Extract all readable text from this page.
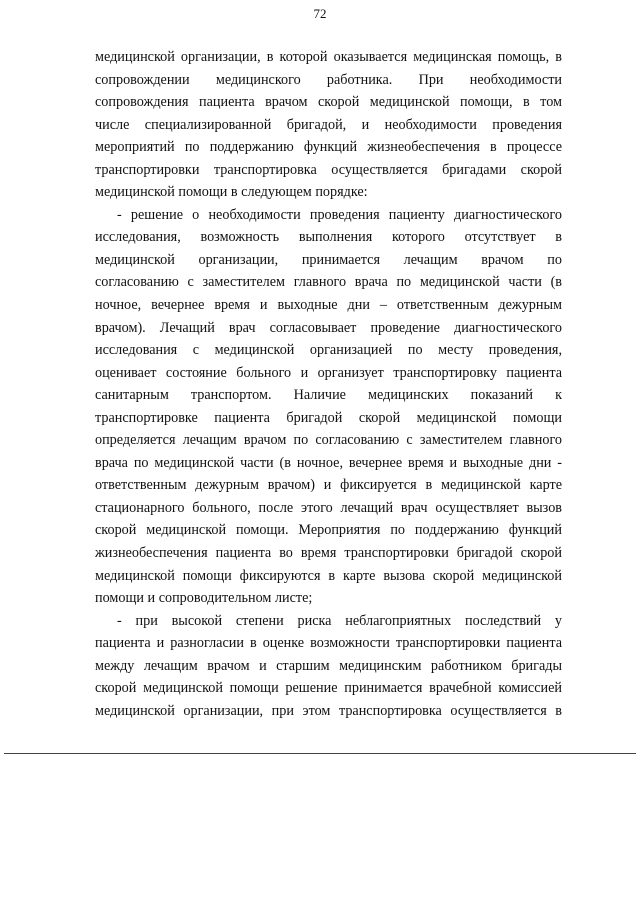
72
медицинской организации, в которой оказывается медицинская помощь, в
сопровождении медицинского работника. При необходимости
сопровождения пациента врачом скорой медицинской помощи, в том
числе специализированной бригадой, и необходимости проведения
мероприятий по поддержанию функций жизнеобеспечения в процессе
транспортировки транспортировка осуществляется бригадами скорой
медицинской помощи в следующем порядке:
- решение о необходимости проведения пациенту диагностического
исследования, возможность выполнения которого отсутствует в
медицинской организации, принимается лечащим врачом по
согласованию с заместителем главного врача по медицинской части (в
ночное, вечернее время и выходные дни – ответственным дежурным
врачом). Лечащий врач согласовывает проведение диагностического
исследования с медицинской организацией по месту проведения,
оценивает состояние больного и организует транспортировку пациента
санитарным транспортом. Наличие медицинских показаний к
транспортировке пациента бригадой скорой медицинской помощи
определяется лечащим врачом по согласованию с заместителем главного
врача по медицинской части (в ночное, вечернее время и выходные дни -
ответственным дежурным врачом) и фиксируется в медицинской карте
стационарного больного, после этого лечащий врач осуществляет вызов
скорой медицинской помощи. Мероприятия по поддержанию функций
жизнеобеспечения пациента во время транспортировки бригадой скорой
медицинской помощи фиксируются в карте вызова скорой медицинской
помощи и сопроводительном листе;
- при высокой степени риска неблагоприятных последствий у
пациента и разногласии в оценке возможности транспортировки пациента
между лечащим врачом и старшим медицинским работником бригады
скорой медицинской помощи решение принимается врачебной комиссией
медицинской организации, при этом транспортировка осуществляется в
